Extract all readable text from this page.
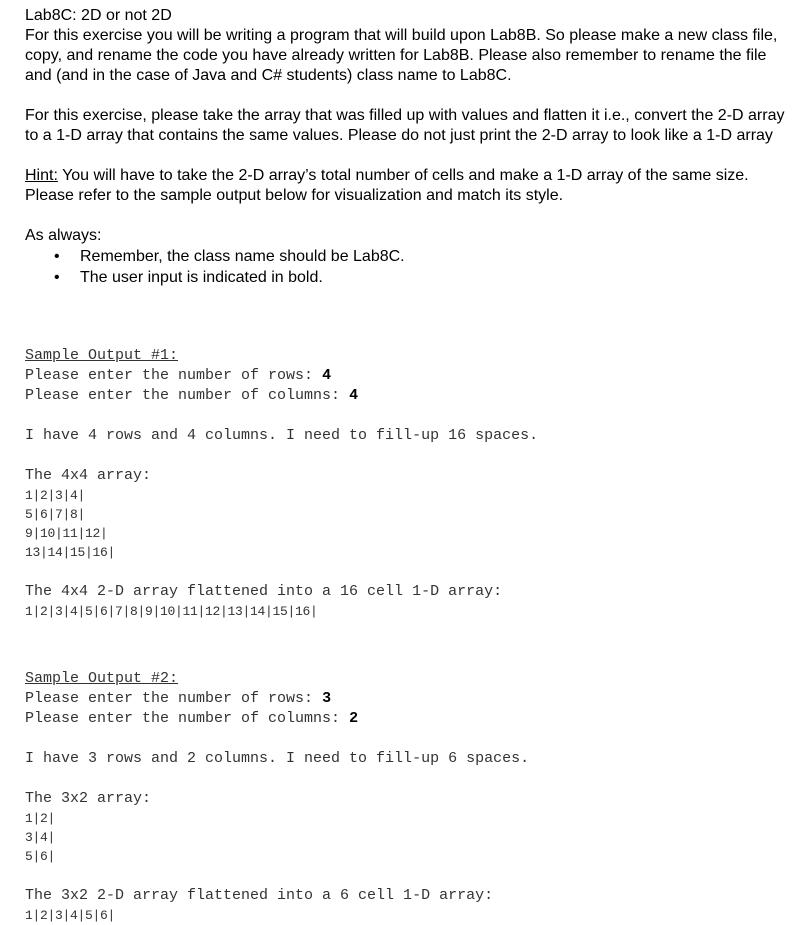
Lab8C: 2D or not 2D

For this exercise you will be writing a program that will build upon Lab8B. So please make a new class file, copy, and rename the code you have already written for Lab8B. Please also remember to rename the file and (and in the case of Java and C# students) class name to Lab8C.

For this exercise, please take the array that was filled up with values and flatten it i.e., convert the 2-D array to a 1-D array that contains the same values. Please do not just print the 2-D array to look like a 1-D array

Hint: You will have to take the 2-D array’s total number of cells and make a 1-D array of the same size. Please refer to the sample output below for visualization and match its style.

As always:

• Remember, the class name should be Lab8C.
• The user input is indicated in bold.
Sample Output #1:
Please enter the number of rows: 4
Please enter the number of columns: 4
I have 4 rows and 4 columns. I need to fill-up 16 spaces.
The 4x4 array:
1|2|3|4|
5|6|7|8|
9|10|11|12|
13|14|15|16|
The 4x4 2-D array flattened into a 16 cell 1-D array:
1|2|3|4|5|6|7|8|9|10|11|12|13|14|15|16|
Sample Output #2:
Please enter the number of rows: 3
Please enter the number of columns: 2
I have 3 rows and 2 columns. I need to fill-up 6 spaces.
The 3x2 array:
1|2|
3|4|
5|6|
The 3x2 2-D array flattened into a 6 cell 1-D array:
1|2|3|4|5|6|
